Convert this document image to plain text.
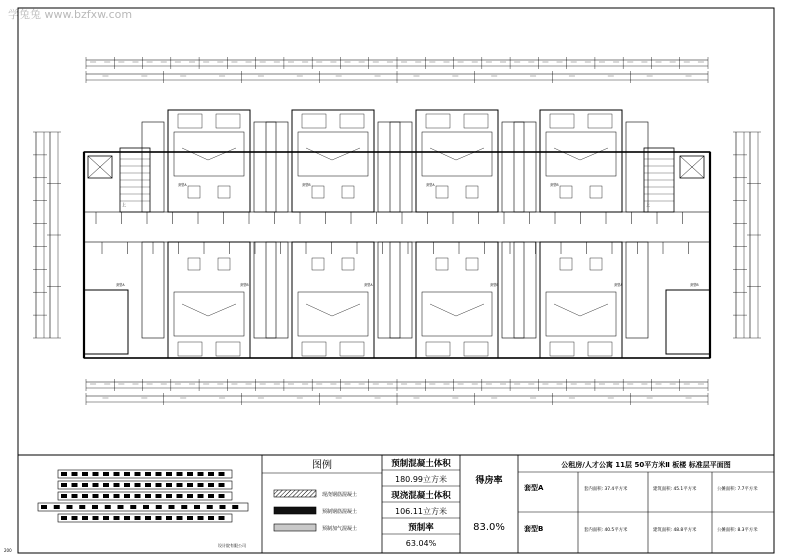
学兔兔 www.bzfxw.com
200
套型A	套型B	套型A	套型B
套型A	套型B	套型A	套型B	套型A	套型B
上	上
图例
现浇钢筋混凝土
预制钢筋混凝土
预制加气混凝土
预制混凝土体积
180.99立方米
现浇混凝土体积
106.11立方米
预制率
63.04%
得房率
83.0%
公租房/人才公寓 11层 50平方米Ⅱ 板楼 标准层平面图
套型A	套内面积: 37.4平方米	建筑面积: 45.1平方米	公摊面积: 7.7平方米
套型B	套内面积: 40.5平方米	建筑面积: 48.8平方米	公摊面积: 8.3平方米
设计院有限公司
